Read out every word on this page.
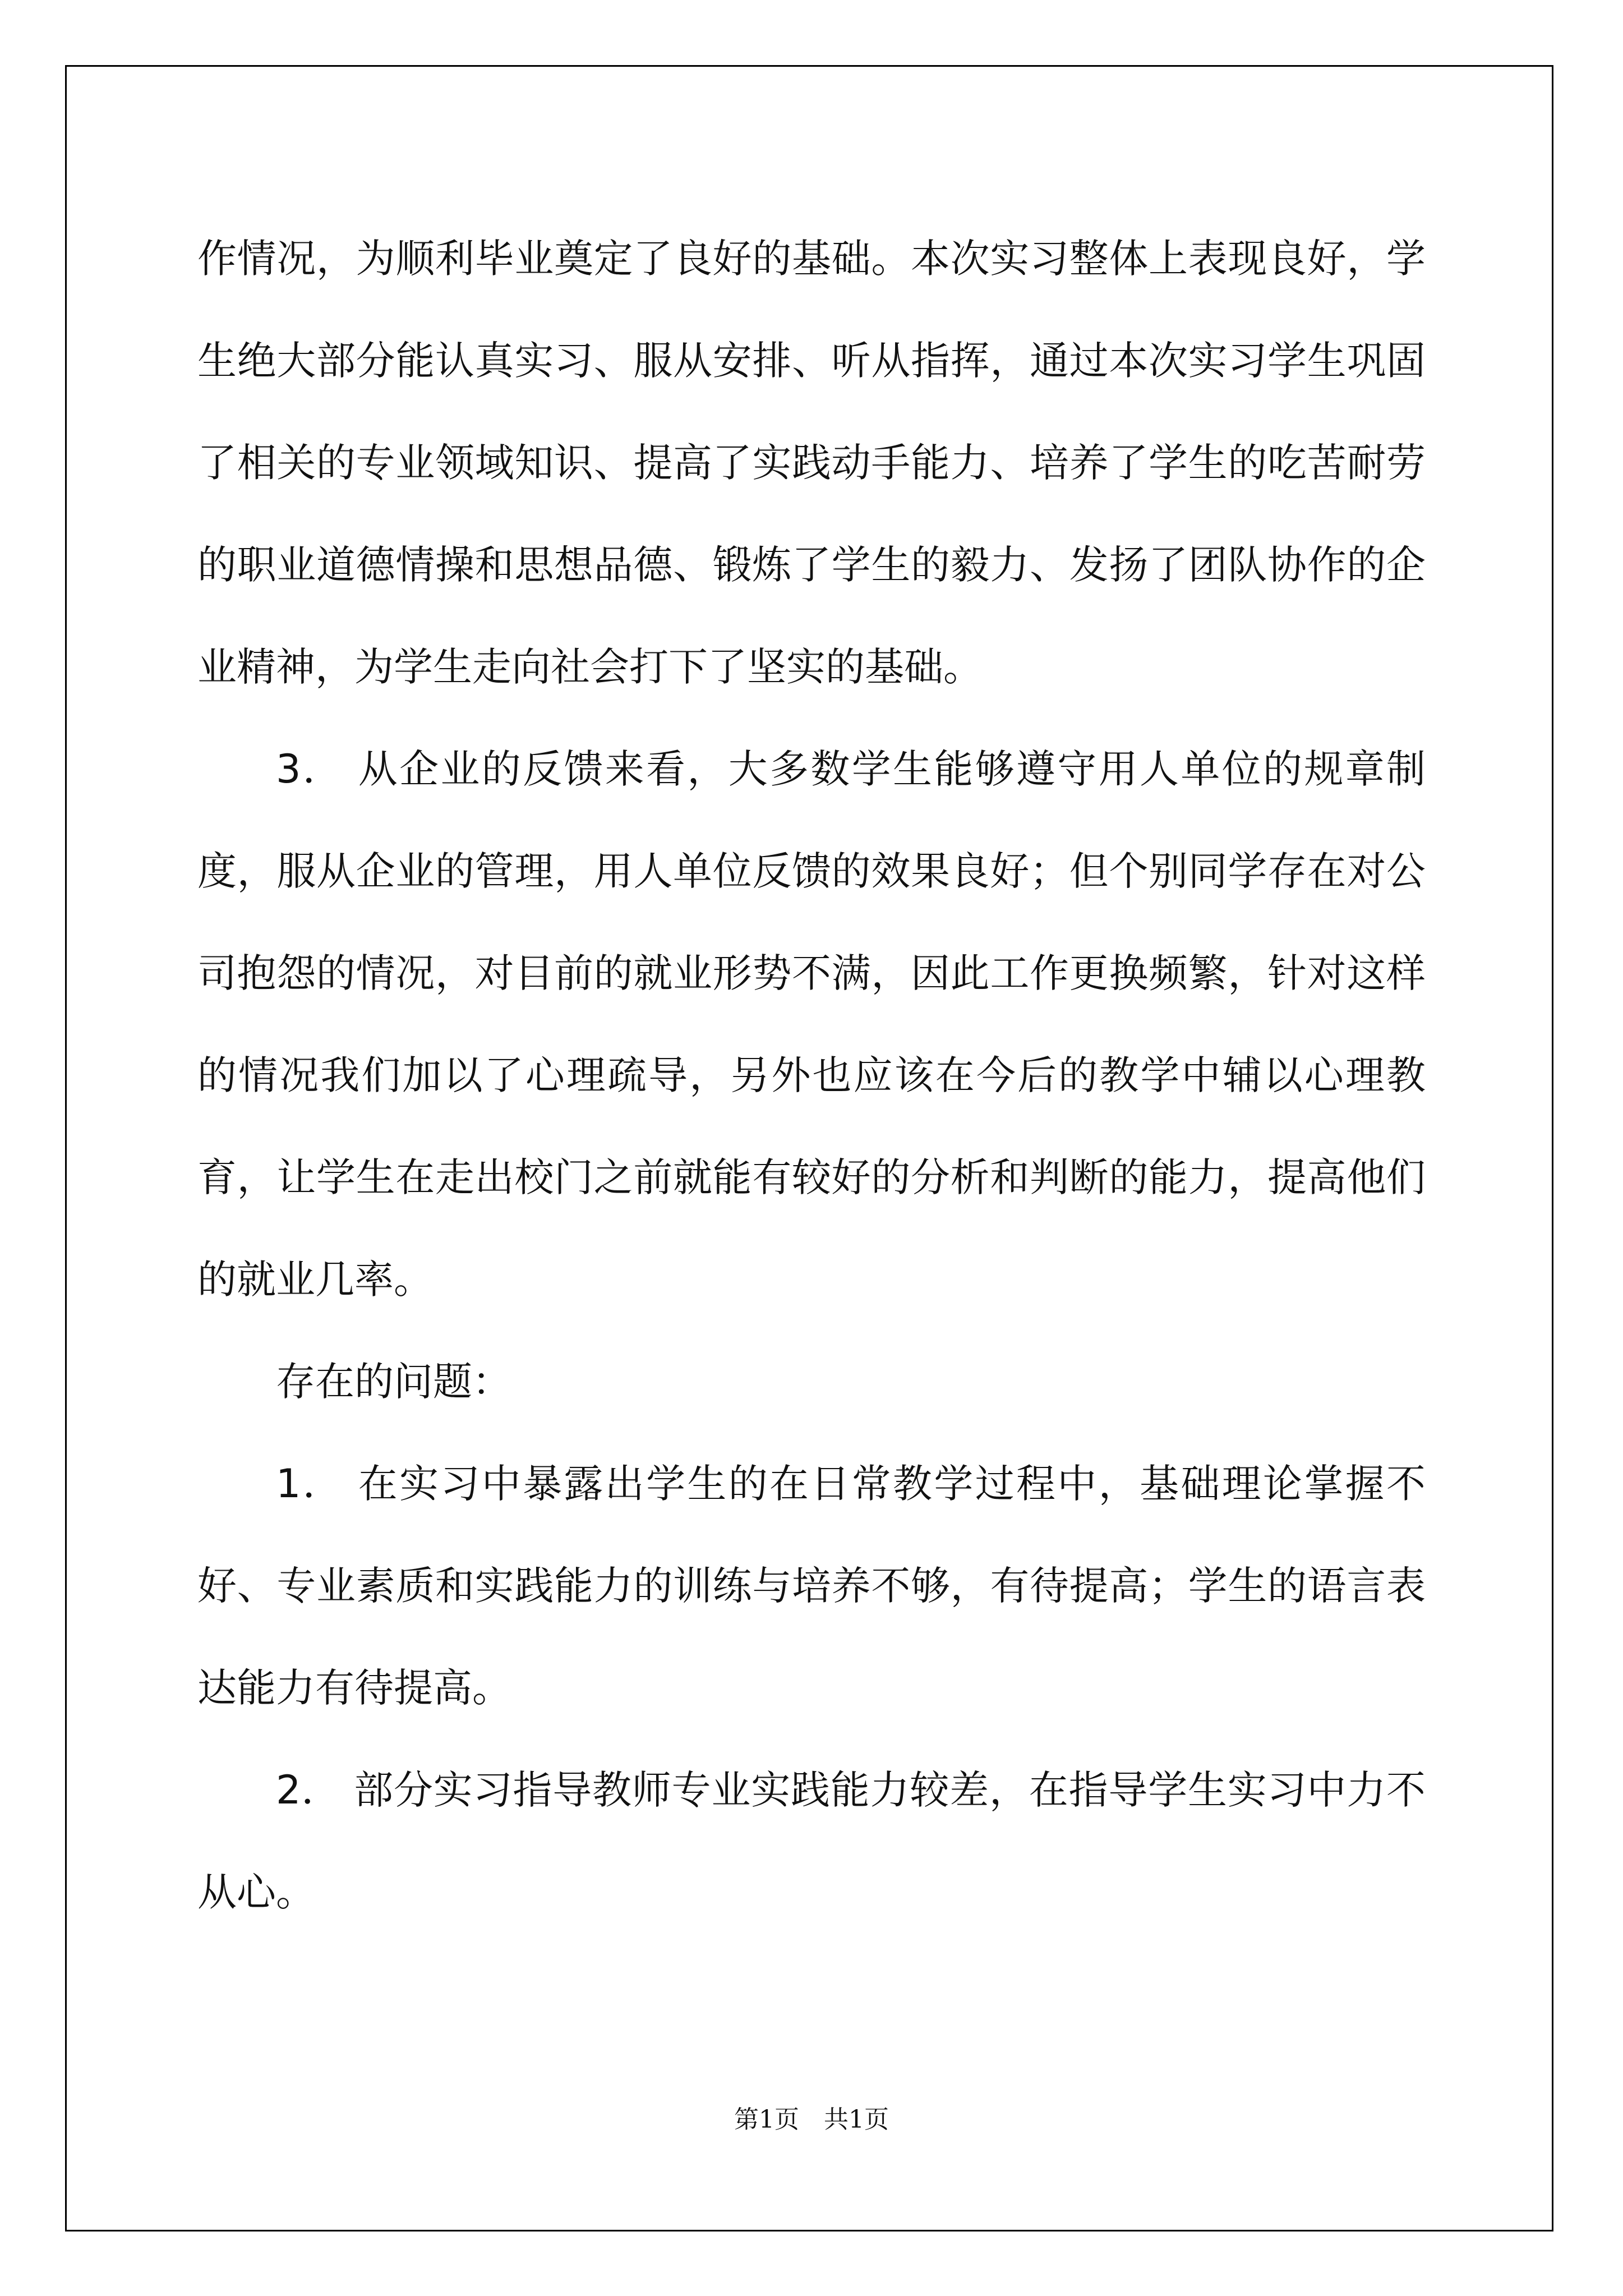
作情况，为顺利毕业奠定了良好的基础。本次实习整体上表现良好，学生绝大部分能认真实习、服从安排、听从指挥，通过本次实习学生巩固了相关的专业领域知识、提高了实践动手能力、培养了学生的吃苦耐劳的职业道德情操和思想品德、锻炼了学生的毅力、发扬了团队协作的企业精神，为学生走向社会打下了坚实的基础。

3． 从企业的反馈来看，大多数学生能够遵守用人单位的规章制度，服从企业的管理，用人单位反馈的效果良好；但个别同学存在对公司抱怨的情况，对目前的就业形势不满，因此工作更换频繁，针对这样的情况我们加以了心理疏导，另外也应该在今后的教学中辅以心理教育，让学生在走出校门之前就能有较好的分析和判断的能力，提高他们的就业几率。

存在的问题：

1． 在实习中暴露出学生的在日常教学过程中，基础理论掌握不好、专业素质和实践能力的训练与培养不够，有待提高；学生的语言表达能力有待提高。

2． 部分实习指导教师专业实践能力较差，在指导学生实习中力不从心。

第1页　共1页
